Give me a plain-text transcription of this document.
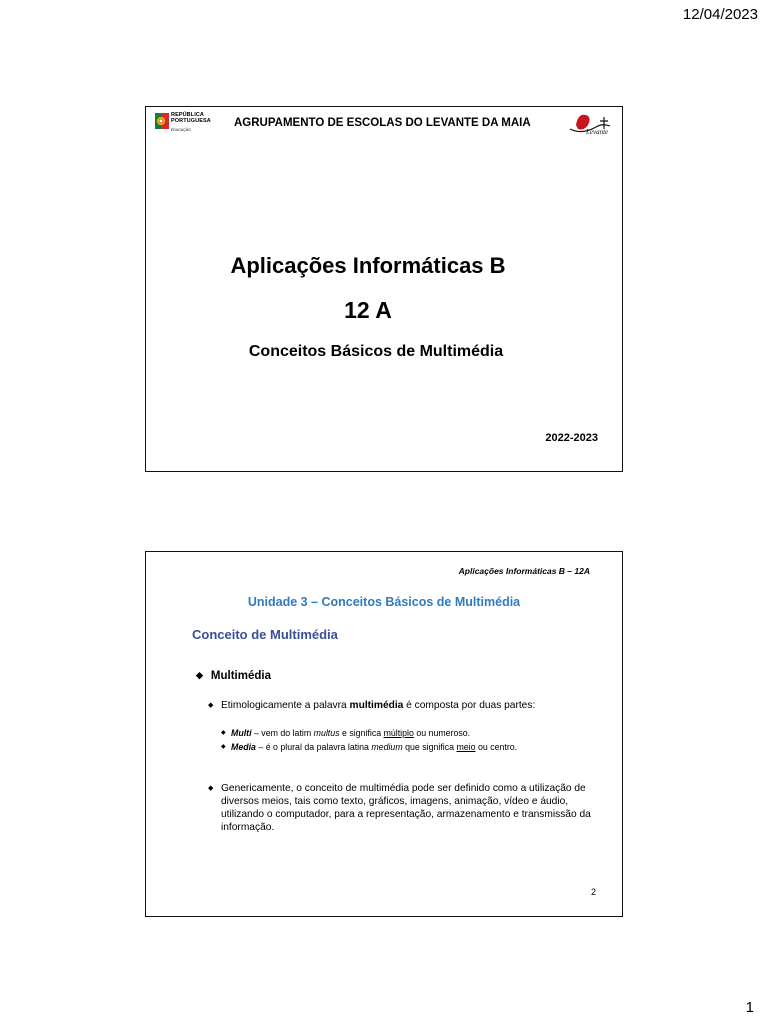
12/04/2023
REPÚBLICA
PORTUGUESA
EDUCAÇÃO
AGRUPAMENTO DE ESCOLAS DO LEVANTE DA MAIA
Levante
Aplicações Informáticas B
12 A
Conceitos Básicos de Multimédia
2022-2023
Aplicações Informáticas B – 12A
Unidade 3 – Conceitos Básicos de Multimédia
Conceito de Multimédia
◆ Multimédia
◆ Etimologicamente a palavra multimédia é composta por duas partes:
◆ Multi – vem do latim multus e significa múltiplo ou numeroso.
◆ Media – é o plural da palavra latina medium que significa meio ou centro.
◆ Genericamente, o conceito de multimédia pode ser definido como a utilização de diversos meios, tais como texto, gráficos, imagens, animação, vídeo e áudio, utilizando o computador, para a representação, armazenamento e transmissão da informação.
2
1
